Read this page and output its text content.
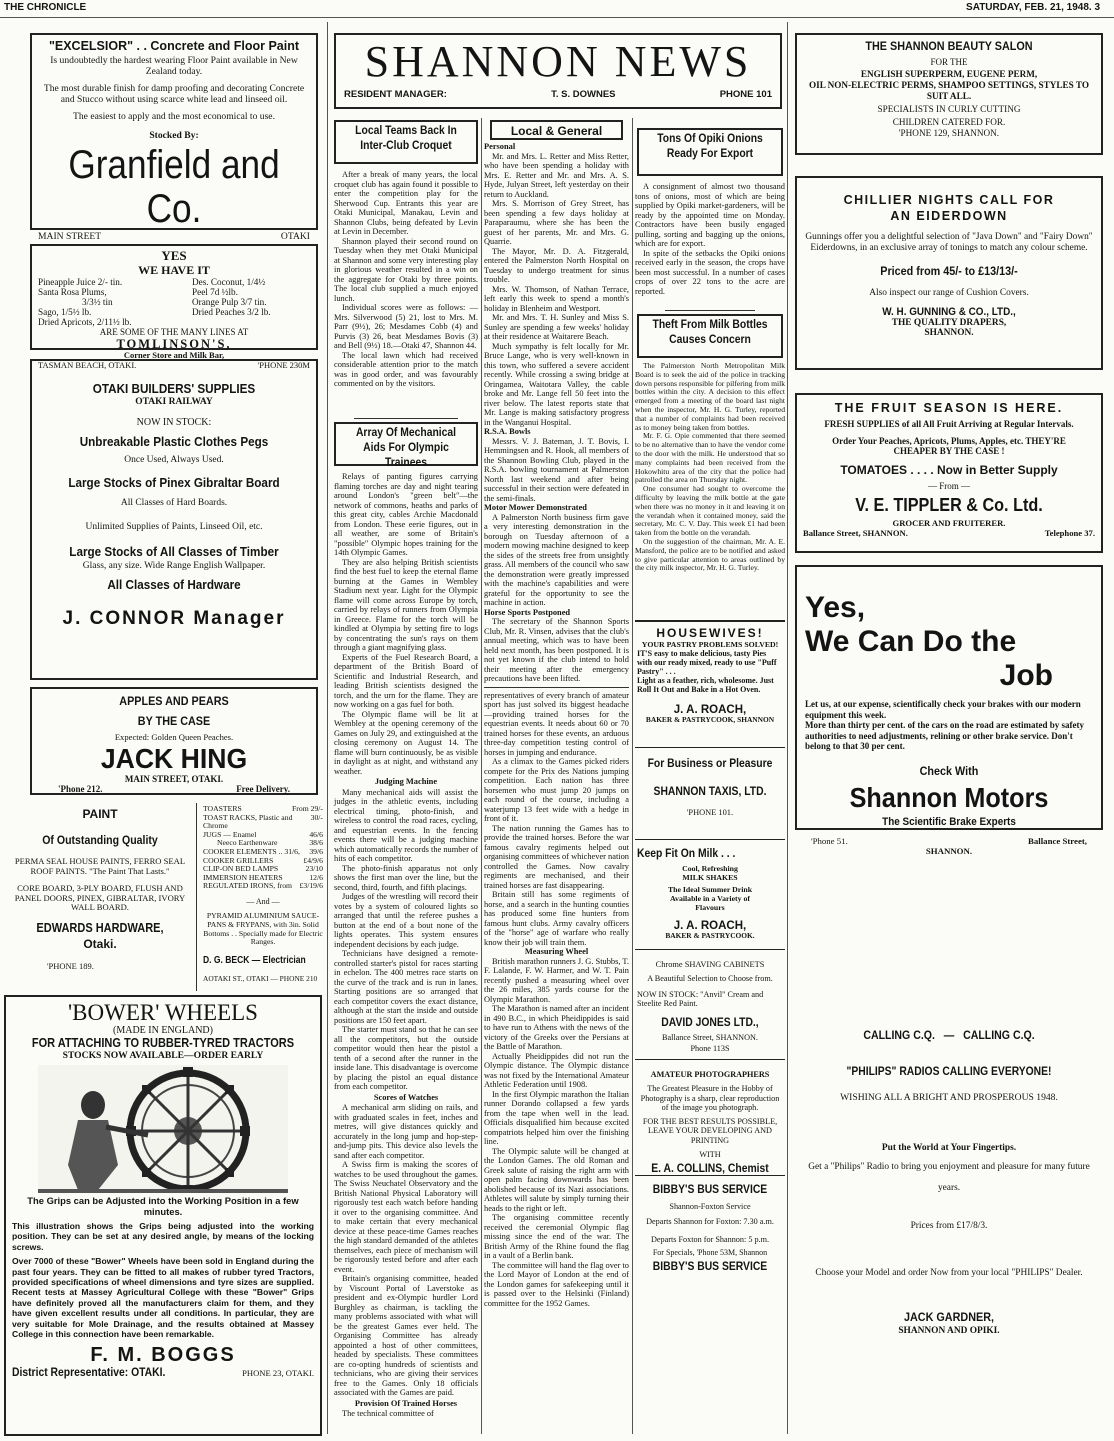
THE CHRONICLE	SATURDAY, FEB. 21, 1948. 3
"EXCELSIOR" . . Concrete and Floor Paint

Is undoubtedly the hardest wearing Floor Paint available in New Zealand today.

The most durable finish for damp proofing and decorating Concrete and Stucco without using scarce white lead and linseed oil.

The easiest to apply and the most economical to use.

Stocked By:

Granfield and Co.
MAIN STREET	OTAKI
YES
WE HAVE IT
Pineapple Juice 2/- tin.	Des. Coconut, 1/4½
Santa Rosa Plums,	Peel 7d ½lb.
3/3½ tin	Orange Pulp 3/7 tin.
Sago, 1/5½ lb.	Dried Peaches 3/2 lb.
Dried Apricots, 2/11½ lb.
ARE SOME OF THE MANY LINES AT
TOMLINSON'S,
Corner Store and Milk Bar,
TASMAN BEACH, OTAKI.	'PHONE 230M
OTAKI BUILDERS' SUPPLIES
OTAKI RAILWAY
NOW IN STOCK:
Unbreakable Plastic Clothes Pegs
Once Used, Always Used.
Large Stocks of Pinex Gibraltar Board
All Classes of Hard Boards.
Unlimited Supplies of Paints, Linseed Oil, etc.
Large Stocks of All Classes of Timber
Glass, any size. Wide Range English Wallpaper.
All Classes of Hardware
J. CONNOR Manager
APPLES AND PEARS
BY THE CASE
Expected: Golden Queen Peaches.
JACK HING
MAIN STREET, OTAKI.
'Phone 212.	Free Delivery.
PAINT
Of Outstanding Quality

PERMA SEAL HOUSE PAINTS, FERRO SEAL ROOF PAINTS. "The Paint That Lasts."

CORE BOARD, 3-PLY BOARD, FLUSH AND PANEL DOORS, PINEX, GIBRALTAR, IVORY WALL BOARD.

EDWARDS HARDWARE,
Otaki.
'PHONE 189.
TOASTERS	From 29/-
TOAST RACKS, Plastic and Chrome
30/-
JUGS — Enamel	46/6
Neeco Earthenware	38/6
COOKER ELEMENTS .. 31/6,	39/6
COOKER GRILLERS	£4/9/6
CLIP-ON BED LAMPS	23/10
IMMERSION HEATERS	12/6
REGULATED IRONS, from £3/19/6
— And —

PYRAMID ALUMINIUM SAUCE-PANS & FRYPANS, with 3in. Solid Bottoms . . Specially made for Electric Ranges.

D. G. BECK — Electrician
AOTAKI ST., OTAKI — PHONE 210
'BOWER' WHEELS
(MADE IN ENGLAND)
FOR ATTACHING TO RUBBER-TYRED TRACTORS
STOCKS NOW AVAILABLE—ORDER EARLY
The Grips can be Adjusted into the Working Position in a few minutes.

This illustration shows the Grips being adjusted into the working position. They can be set at any desired angle, by means of the locking screws.

Over 7000 of these "Bower" Wheels have been sold in England during the past four years. They can be fitted to all makes of rubber tyred Tractors, provided specifications of wheel dimensions and tyre sizes are supplied. Recent tests at Massey Agricultural College with these "Bower" Grips have definitely proved all the manufacturers claim for them, and they have given excellent results under all conditions. In particular, they are very suitable for Mole Drainage, and the results obtained at Massey College in this connection have been remarkable.

F. M. BOGGS
District Representative: OTAKI.	PHONE 23, OTAKI.
SHANNON NEWS
RESIDENT MANAGER:	T. S. DOWNES	PHONE 101
Local Teams Back In Inter-Club Croquet

After a break of many years, the local croquet club has again found it possible to enter the competition play for the Sherwood Cup. Entrants this year are Otaki Municipal, Manakau, Levin and Shannon Clubs, being defeated by Levin at Levin in December.

Shannon played their second round on Tuesday when they met Otaki Municipal at Shannon and some very interesting play in glorious weather resulted in a win on the aggregate for Otaki by three points. The local club supplied a much enjoyed lunch.

Individual scores were as follows: —Mrs. Silverwood (5) 21, lost to Mrs. M. Parr (9½), 26; Mesdames Cobb (4) and Purvis (3) 26, beat Mesdames Bovis (3) and Bell (9½) 18.—Otaki 47, Shannon 44.

The local lawn which had received considerable attention prior to the match was in good order, and was favourably commented on by the visitors.

Array Of Mechanical Aids For Olympic Trainees

Relays of panting figures carrying flaming torches are day and night tearing around London's "green belt"—the network of commons, heaths and parks of this great city, cables Archie Macdonald from London. These eerie figures, out in all weather, are some of Britain's "possible" Olympic hopes training for the 14th Olympic Games.

They are also helping British scientists find the best fuel to keep the eternal flame burning at the Games in Wembley Stadium next year. Light for the Olympic flame will come across Europe by torch, carried by relays of runners from Olympia in Greece. Flame for the torch will be kindled at Olympia by setting fire to logs by concentrating the sun's rays on them through a giant magnifying glass.

Experts of the Fuel Research Board, a department of the British Board of Scientific and Industrial Research, and leading British scientists designed the torch, and the urn for the flame. They are now working on a gas fuel for both.

The Olympic flame will be lit at Wembley at the opening ceremony of the Games on July 29, and extinguished at the closing ceremony on August 14. The flame will burn continuously, be as visible in daylight as at night, and withstand any weather.

Judging Machine

Many mechanical aids will assist the judges in the athletic events, including electrical timing, photo-finish, and wireless to control the road races, cycling, and equestrian events. In the fencing events there will be a judging machine which automatically records the number of hits of each competitor.

The photo-finish apparatus not only shows the first man over the line, but the second, third, fourth, and fifth placings.

Judges of the wrestling will record their votes by a system of coloured lights so arranged that until the referee pushes a button at the end of a bout none of the lights operates. This system ensures independent decisions by each judge.

Technicians have designed a remote-controlled starter's pistol for races starting in echelon. The 400 metres race starts on the curve of the track and is run in lanes. Starting positions are so arranged that each competitor covers the exact distance, although at the start the inside and outside positions are 150 feet apart.

The starter must stand so that he can see all the competitors, but the outside competitor would then hear the pistol a tenth of a second after the runner in the inside lane. This disadvantage is overcome by placing the pistol an equal distance from each competitor.

Scores of Watches

A mechanical arm sliding on rails, and with graduated scales in feet, inches and metres, will give distances quickly and accurately in the long jump and hop-step-and-jump pits. This device also levels the sand after each competitor.

A Swiss firm is making the scores of watches to be used throughout the games. The Swiss Neuchatel Observatory and the British National Physical Laboratory will rigorously test each watch before handing it over to the organising committee. And to make certain that every mechanical device at these peace-time Games reaches the high standard demanded of the athletes themselves, each piece of mechanism will be rigorously tested before and after each event.

Britain's organising committee, headed by Viscount Portal of Laverstoke as president and ex-Olympic hurdler Lord Burghley as chairman, is tackling the many problems associated with what will be the greatest Games ever held. The Organising Committee has already appointed a host of other committees, headed by specialists. These committees are co-opting hundreds of scientists and technicians, who are giving their services free to the Games. Only 18 officials associated with the Games are paid.

Provision Of Trained Horses

The technical committee of

Local & General

Personal

Mr. and Mrs. L. Retter and Miss Retter, who have been spending a holiday with Mrs. E. Retter and Mr. and Mrs. A. S. Hyde, Julyan Street, left yesterday on their return to Auckland.

Mrs. S. Morrison of Grey Street, has been spending a few days holiday at Paraparaumu, where she has been the guest of her parents, Mr. and Mrs. G. Quarrie.

The Mayor, Mr. D. A. Fitzgerald, entered the Palmerston North Hospital on Tuesday to undergo treatment for sinus trouble.

Mrs. W. Thomson, of Nathan Terrace, left early this week to spend a month's holiday in Blenheim and Westport.

Mr. and Mrs. T. H. Sunley and Miss S. Sunley are spending a few weeks' holiday at their residence at Waitarere Beach.

Much sympathy is felt locally for Mr. Bruce Lange, who is very well-known in this town, who suffered a severe accident recently. While crossing a swing bridge at Oringamea, Waitotara Valley, the cable broke and Mr. Lange fell 50 feet into the river below. The latest reports state that Mr. Lange is making satisfactory progress in the Wanganui Hospital.

R.S.A. Bowls

Messrs. V. J. Bateman, J. T. Bovis, I. Hemmingsen and R. Hook, all members of the Shannon Bowling Club, played in the R.S.A. bowling tournament at Palmerston North last weekend and after being successful in their section were defeated in the semi-finals.

Motor Mower Demonstrated

A Palmerston North business firm gave a very interesting demonstration in the borough on Tuesday afternoon of a modern mowing machine designed to keep the sides of the streets free from unsightly grass. All members of the council who saw the demonstration were greatly impressed with the machine's capabilities and were grateful for the opportunity to see the machine in action.

Horse Sports Postponed

The secretary of the Shannon Sports Club, Mr. R. Vinsen, advises that the club's annual meeting, which was to have been held next month, has been postponed. It is not yet known if the club intend to hold their meeting after the emergency precautions have been lifted.

representatives of every branch of amateur sport has just solved its biggest headache—providing trained horses for the equestrian events. It needs about 60 or 70 trained horses for these events, an arduous three-day competition testing control of horses in jumping and endurance.

As a climax to the Games picked riders compete for the Prix des Nations jumping competition. Each nation has three horsemen who must jump 20 jumps on each round of the course, including a waterjump 13 feet wide with a hedge in front of it.

The nation running the Games has to provide the trained horses. Before the war famous cavalry regiments helped out organising committees of whichever nation controlled the Games. Now cavalry regiments are mechanised, and their trained horses are fast disappearing.

Britain still has some regiments of horse, and a search in the hunting counties has produced some fine hunters from famous hunt clubs. Army cavalry officers of the "horse" age of warfare who really know their job will train them.

Measuring Wheel

British marathon runners J. G. Stubbs, T. F. Lalande, F. W. Harmer, and W. T. Pain recently pushed a measuring wheel over the 26 miles, 385 yards course for the Olympic Marathon.

The Marathon is named after an incident in 490 B.C., in which Pheidippides is said to have run to Athens with the news of the victory of the Greeks over the Persians at the Battle of Marathon.

Actually Pheidippides did not run the Olympic distance. The Olympic distance was not fixed by the International Amateur Athletic Federation until 1908.

In the first Olympic marathon the Italian runner Dorando collapsed a few yards from the tape when well in the lead. Officials disqualified him because excited compatriots helped him over the finishing line.

The Olympic salute will be changed at the London Games. The old Roman and Greek salute of raising the right arm with open palm facing downwards has been abolished because of its Nazi associations. Athletes will salute by simply turning their heads to the right or left.

The organising committee recently received the ceremonial Olympic flag missing since the end of the war. The British Army of the Rhine found the flag in a vault of a Berlin bank.

The committee will hand the flag over to the Lord Mayor of London at the end of the London games for safekeeping until it is passed over to the Helsinki (Finland) committee for the 1952 Games.

Tons Of Opiki Onions Ready For Export

A consignment of almost two thousand tons of onions, most of which are being supplied by Opiki market-gardeners, will be ready by the appointed time on Monday. Contractors have been busily engaged pulling, sorting and bagging up the onions, which are for export.

In spite of the setbacks the Opiki onions received early in the season, the crops have been most successful. In a number of cases crops of over 22 tons to the acre are reported.

Theft From Milk Bottles Causes Concern

The Palmerston North Metropolitan Milk Board is to seek the aid of the police in tracking down persons responsible for pilfering from milk bottles within the city. A decision to this effect emerged from a meeting of the board last night when the inspector, Mr. H. G. Turley, reported that a number of complaints had been received as to money being taken from bottles.

Mr. F. G. Opie commented that there seemed to be no alternative than to have the vendor come to the door with the milk. He understood that so many complaints had been received from the Hokowhitu area of the city that the police had patrolled the area on Thursday night.

One consumer had sought to overcome the difficulty by leaving the milk bottle at the gate when there was no money in it and leaving it on the verandah when it contained money, said the secretary, Mr. C. V. Day. This week £1 had been taken from the bottle on the verandah.

On the suggestion of the chairman, Mr. A. E. Mansford, the police are to be notified and asked to give particular attention to areas outlined by the city milk inspector, Mr. H. G. Turley.

HOUSEWIVES!
YOUR PASTRY PROBLEMS SOLVED!

IT'S easy to make delicious, tasty Pies with our ready mixed, ready to use "Puff Pastry" . . .

Light as a feather, rich, wholesome. Just Roll It Out and Bake in a Hot Oven.

J. A. ROACH,
BAKER & PASTRYCOOK, SHANNON
For Business or Pleasure
SHANNON TAXIS, LTD.
'PHONE 101.
Keep Fit On Milk . . .
Cool, Refreshing
MILK SHAKES

The Ideal Summer Drink Available in a Variety of Flavours

J. A. ROACH,
BAKER & PASTRYCOOK.
Chrome SHAVING CABINETS

A Beautiful Selection to Choose from.

NOW IN STOCK: "Anvil" Cream and Steelite Red Paint.

DAVID JONES LTD.,
Ballance Street, SHANNON.
Phone 113S
AMATEUR PHOTOGRAPHERS

The Greatest Pleasure in the Hobby of Photography is a sharp, clear reproduction of the image you photograph.

FOR THE BEST RESULTS POSSIBLE, LEAVE YOUR DEVELOPING AND PRINTING

WITH
E. A. COLLINS, Chemist
BIBBY'S BUS SERVICE
Shannon-Foxton Service

Departs Shannon for Foxton: 7.30 a.m.

Departs Foxton for Shannon: 5 p.m.

For Specials, 'Phone 53M, Shannon
BIBBY'S BUS SERVICE
THE SHANNON BEAUTY SALON
FOR THE
ENGLISH SUPERPERM, EUGENE PERM,

OIL NON-ELECTRIC PERMS, SHAMPOO SETTINGS, STYLES TO SUIT ALL.

SPECIALISTS IN CURLY CUTTING
CHILDREN CATERED FOR.
'PHONE 129, SHANNON.
CHILLIER NIGHTS CALL FOR AN EIDERDOWN

Gunnings offer you a delightful selection of "Java Down" and "Fairy Down" Eiderdowns, in an exclusive array of tonings to match any colour scheme.

Priced from 45/- to £13/13/-
Also inspect our range of Cushion Covers.
W. H. GUNNING & CO., LTD.,
THE QUALITY DRAPERS,
SHANNON.
THE FRUIT SEASON IS HERE.

FRESH SUPPLIES of all All Fruit Arriving at Regular Intervals.

Order Your Peaches, Apricots, Plums, Apples, etc. THEY'RE CHEAPER BY THE CASE !

TOMATOES . . . . Now in Better Supply
— From —
V. E. TIPPLER & Co. Ltd.
GROCER AND FRUITERER.
Ballance Street, SHANNON.	Telephone 37.
Yes,
We Can Do the
Job

Let us, at our expense, scientifically check your brakes with our modern equipment this week.

More than thirty per cent. of the cars on the road are estimated by safety authorities to need adjustments, relining or other brake service. Don't belong to that 30 per cent.

Check With
Shannon Motors
The Scientific Brake Experts
'Phone 51.	Ballance Street,
SHANNON.
CALLING C.Q. — CALLING C.Q.
"PHILIPS" RADIOS CALLING EVERYONE!
WISHING ALL A BRIGHT AND PROSPEROUS 1948.
Put the World at Your Fingertips.

Get a "Philips" Radio to bring you enjoyment and pleasure for many future years.

Prices from £17/8/3.

Choose your Model and order Now from your local "PHILIPS" Dealer.

JACK GARDNER,
SHANNON AND OPIKI.
